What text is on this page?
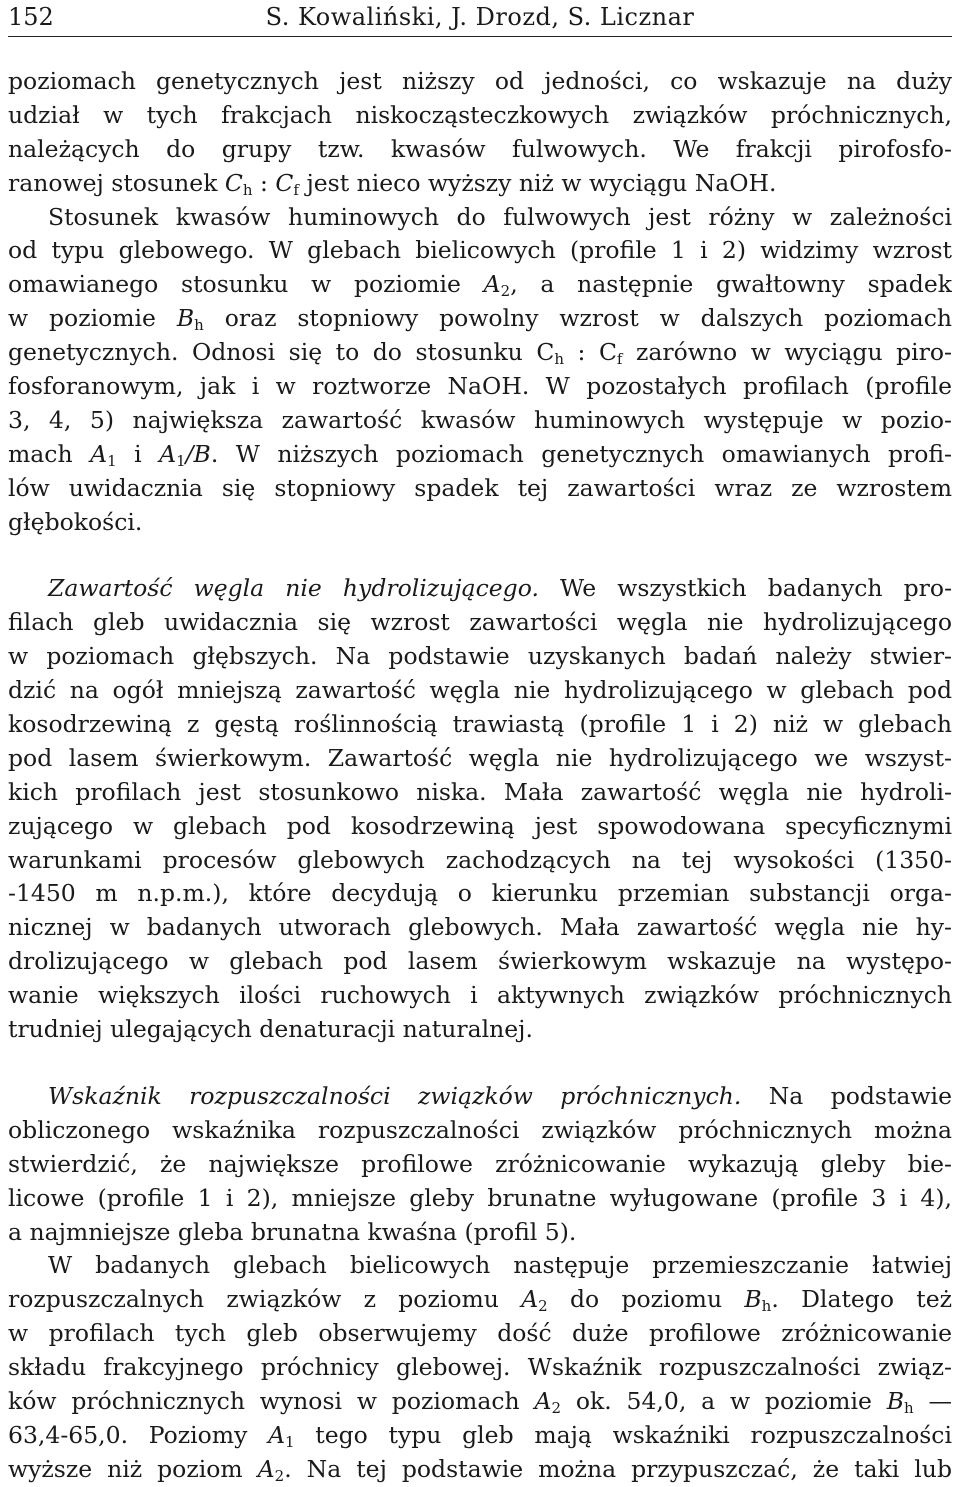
152	S. Kowaliński, J. Drozd, S. Licznar
poziomach genetycznych jest niższy od jedności, co wskazuje na duży
udział w tych frakcjach niskocząsteczkowych związków próchnicznych,
należących do grupy tzw. kwasów fulwowych. We frakcji pirofosfo-
ranowej stosunek $C_h$ : $C_f$ jest nieco wyższy niż w wyciągu NaOH.
Stosunek kwasów huminowych do fulwowych jest różny w zależności
od typu glebowego. W glebach bielicowych (profile 1 i 2) widzimy wzrost
omawianego stosunku w poziomie $A_2$, a następnie gwałtowny spadek
w poziomie $B_h$ oraz stopniowy powolny wzrost w dalszych poziomach
genetycznych. Odnosi się to do stosunku $C_h$ : $C_f$ zarówno w wyciągu piro-
fosforanowym, jak i w roztworze NaOH. W pozostałych profilach (profile
3, 4, 5) największa zawartość kwasów huminowych występuje w pozio-
mach $A_1$ i $A_1/B$. W niższych poziomach genetycznych omawianych profi-
lów uwidacznia się stopniowy spadek tej zawartości wraz ze wzrostem
głębokości.
Zawartość węgla nie hydrolizującego. We wszystkich badanych pro-
filach gleb uwidacznia się wzrost zawartości węgla nie hydrolizującego
w poziomach głębszych. Na podstawie uzyskanych badań należy stwier-
dzić na ogół mniejszą zawartość węgla nie hydrolizującego w glebach pod
kosodrzewiną z gęstą roślinnością trawiastą (profile 1 i 2) niż w glebach
pod lasem świerkowym. Zawartość węgla nie hydrolizującego we wszyst-
kich profilach jest stosunkowo niska. Mała zawartość węgla nie hydroli-
zującego w glebach pod kosodrzewiną jest spowodowana specyficznymi
warunkami procesów glebowych zachodzących na tej wysokości (1350-
-1450 m n.p.m.), które decydują o kierunku przemian substancji orga-
nicznej w badanych utworach glebowych. Mała zawartość węgla nie hy-
drolizującego w glebach pod lasem świerkowym wskazuje na występo-
wanie większych ilości ruchowych i aktywnych związków próchnicznych
trudniej ulegających denaturacji naturalnej.
Wskaźnik rozpuszczalności związków próchnicznych. Na podstawie
obliczonego wskaźnika rozpuszczalności związków próchnicznych można
stwierdzić, że największe profilowe zróżnicowanie wykazują gleby bie-
licowe (profile 1 i 2), mniejsze gleby brunatne wyługowane (profile 3 i 4),
a najmniejsze gleba brunatna kwaśna (profil 5).
W badanych glebach bielicowych następuje przemieszczanie łatwiej
rozpuszczalnych związków z poziomu $A_2$ do poziomu $B_h$. Dlatego też
w profilach tych gleb obserwujemy dość duże profilowe zróżnicowanie
składu frakcyjnego próchnicy glebowej. Wskaźnik rozpuszczalności związ-
ków próchnicznych wynosi w poziomach $A_2$ ok. 54,0, a w poziomie $B_h$ —
63,4-65,0. Poziomy $A_1$ tego typu gleb mają wskaźniki rozpuszczalności
wyższe niż poziom $A_2$. Na tej podstawie można przypuszczać, że taki lub
